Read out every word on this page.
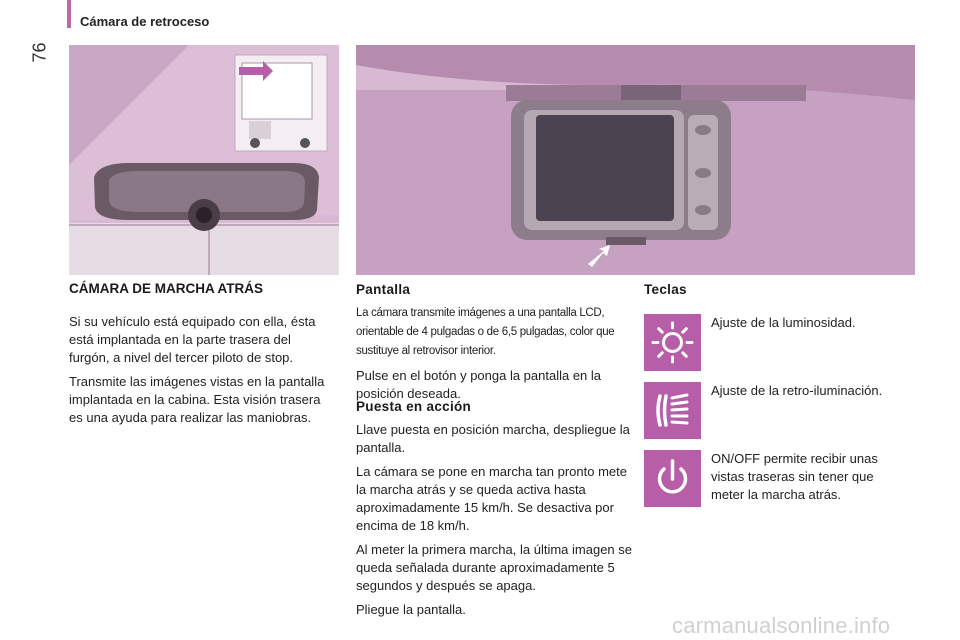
76
Cámara de retroceso
CÁMARA DE MARCHA ATRÁS

Si su vehículo está equipado con ella, ésta está implantada en la parte trasera del furgón, a nivel del tercer piloto de stop.

Transmite las imágenes vistas en la pantalla implantada en la cabina. Esta visión trasera es una ayuda para realizar las maniobras.

Pantalla

La cámara transmite imágenes a una pantalla LCD, orientable de 4 pulgadas o de 6,5 pulgadas, color que sustituye al retrovisor interior.

Pulse en el botón y ponga la pantalla en la posición deseada.

Puesta en acción

Llave puesta en posición marcha, despliegue la pantalla.

La cámara se pone en marcha tan pronto mete la marcha atrás y se queda activa hasta aproximadamente 15 km/h. Se desactiva por encima de 18 km/h.

Al meter la primera marcha, la última imagen se queda señalada durante aproximadamente 5 segundos y después se apaga.

Pliegue la pantalla.

Teclas
Ajuste de la luminosidad.
Ajuste de la retro-iluminación.
ON/OFF permite recibir unas vistas traseras sin tener que meter la marcha atrás.
carmanualsonline.info
